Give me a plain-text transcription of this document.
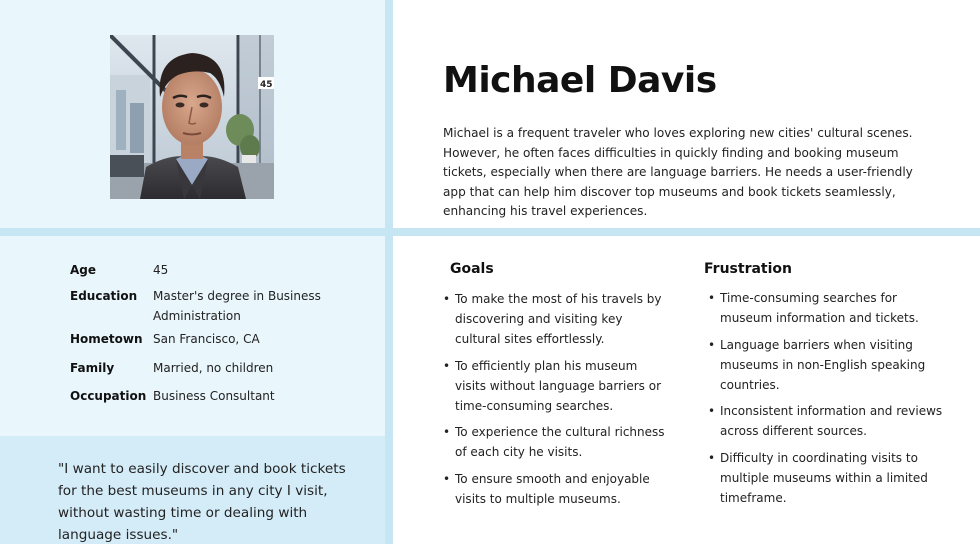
45	Michael Davis
Michael is a frequent traveler who loves exploring new cities' cultural scenes. However, he often faces difficulties in quickly finding and booking museum tickets, especially when there are language barriers. He needs a user-friendly app that can help him discover top museums and book tickets seamlessly, enhancing his travel experiences.
Age	45
Education	Master's degree in Business Administration
Hometown San Francisco, CA
Family	Married, no children
Occupation Business Consultant
"I want to easily discover and book tickets for the best museums in any city I visit, without wasting time or dealing with language issues."
Goals
• To make the most of his travels by discovering and visiting key cultural sites effortlessly.
• To efficiently plan his museum visits without language barriers or time-consuming searches.
• To experience the cultural richness of each city he visits.
• To ensure smooth and enjoyable visits to multiple museums.
Frustration
• Time-consuming searches for museum information and tickets.
• Language barriers when visiting museums in non-English speaking countries.
• Inconsistent information and reviews across different sources.
• Difficulty in coordinating visits to multiple museums within a limited timeframe.
